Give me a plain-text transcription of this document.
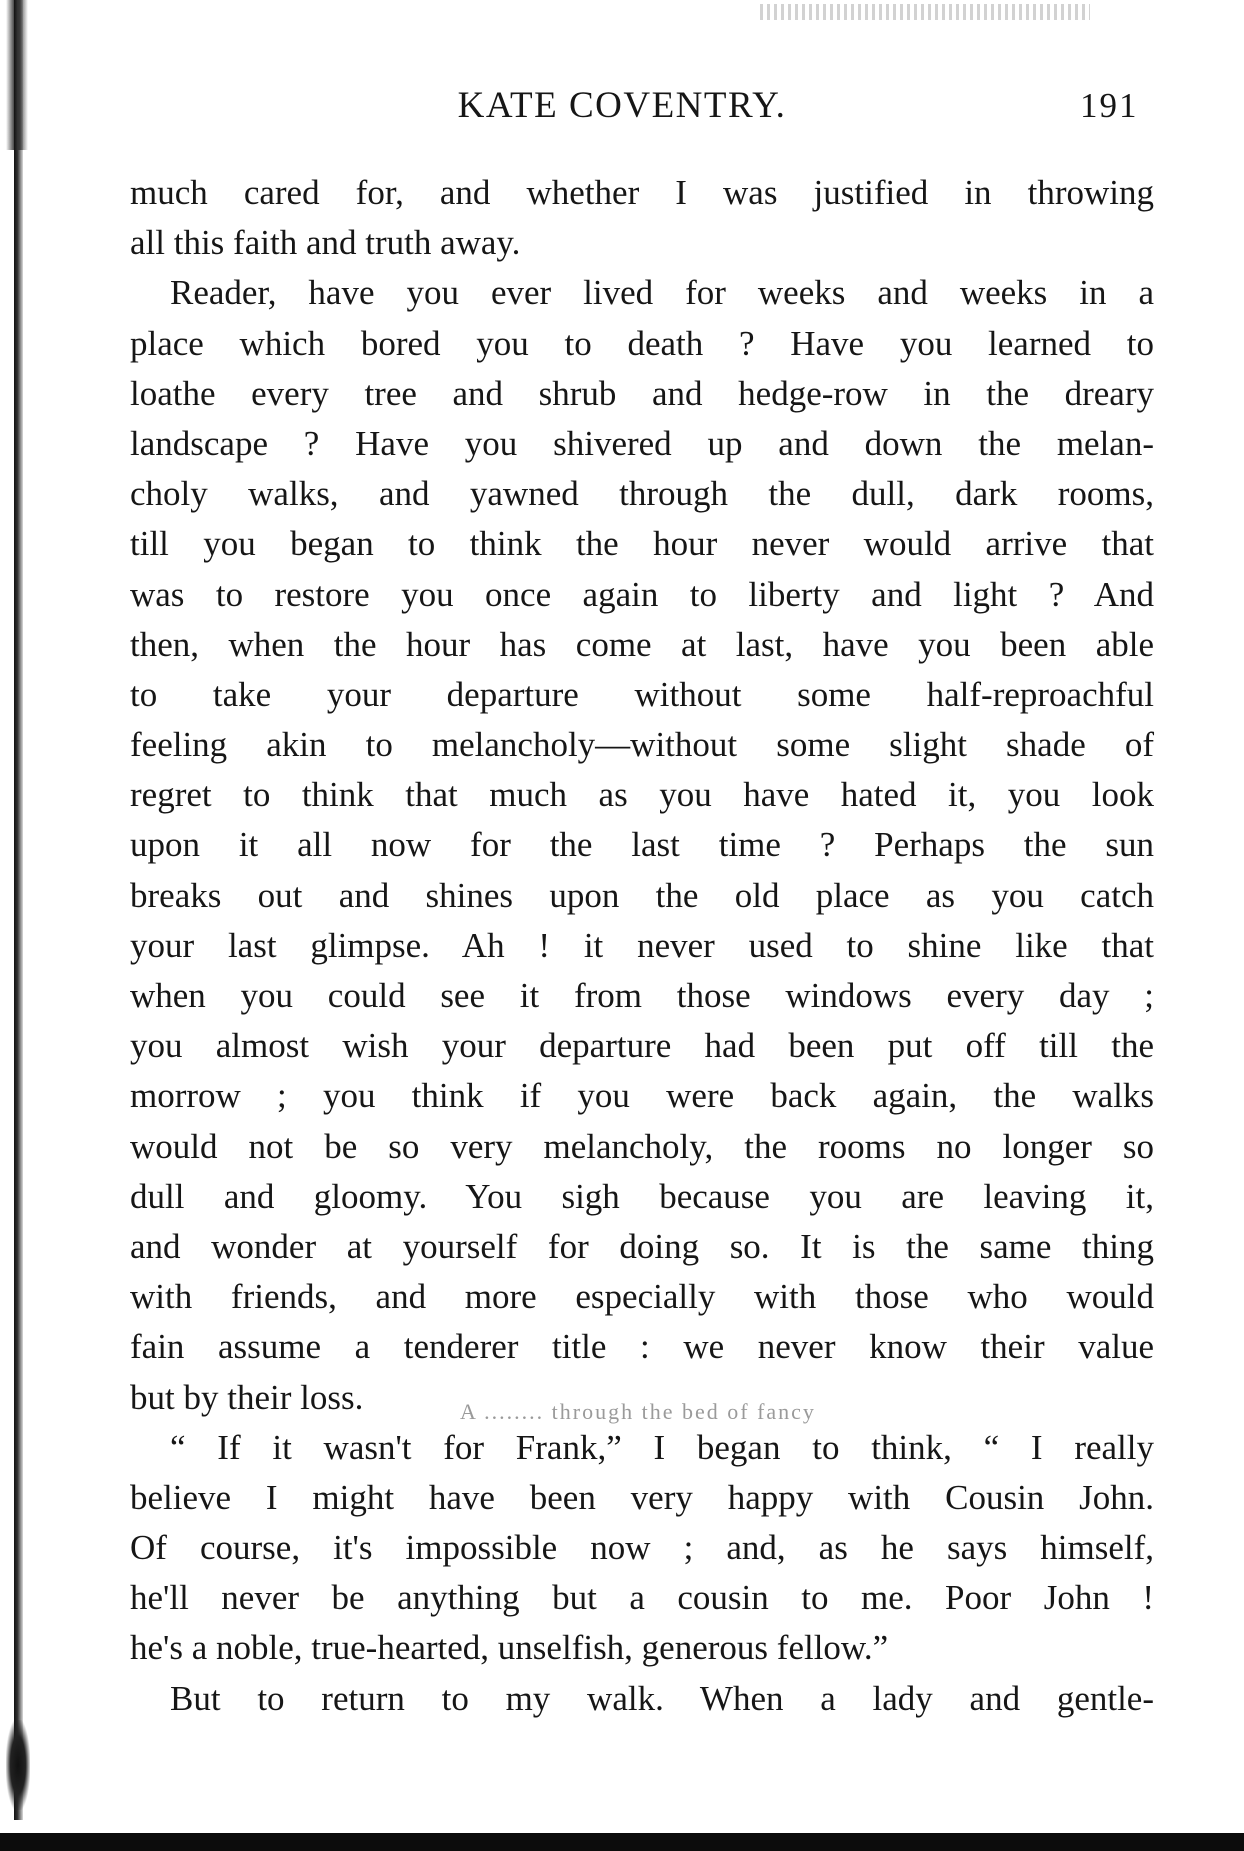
KATE COVENTRY.	191
much cared for, and whether I was justified in throwing
all this faith and truth away.
Reader, have you ever lived for weeks and weeks in a
place which bored you to death ? Have you learned to
loathe every tree and shrub and hedge-row in the dreary
landscape ? Have you shivered up and down the melan-
choly walks, and yawned through the dull, dark rooms,
till you began to think the hour never would arrive that
was to restore you once again to liberty and light ? And
then, when the hour has come at last, have you been able
to take your departure without some half-reproachful
feeling akin to melancholy—without some slight shade of
regret to think that much as you have hated it, you look
upon it all now for the last time ? Perhaps the sun
breaks out and shines upon the old place as you catch
your last glimpse. Ah ! it never used to shine like that
when you could see it from those windows every day ;
you almost wish your departure had been put off till the
morrow ; you think if you were back again, the walks
would not be so very melancholy, the rooms no longer so
dull and gloomy. You sigh because you are leaving it,
and wonder at yourself for doing so. It is the same thing
with friends, and more especially with those who would
fain assume a tenderer title : we never know their value
but by their loss.	A ........ through the bed of fancy
“ If it wasn't for Frank,” I began to think, “ I really
believe I might have been very happy with Cousin John.
Of course, it's impossible now ; and, as he says himself,
he'll never be anything but a cousin to me. Poor John !
he's a noble, true-hearted, unselfish, generous fellow.”
But to return to my walk. When a lady and gentle-
